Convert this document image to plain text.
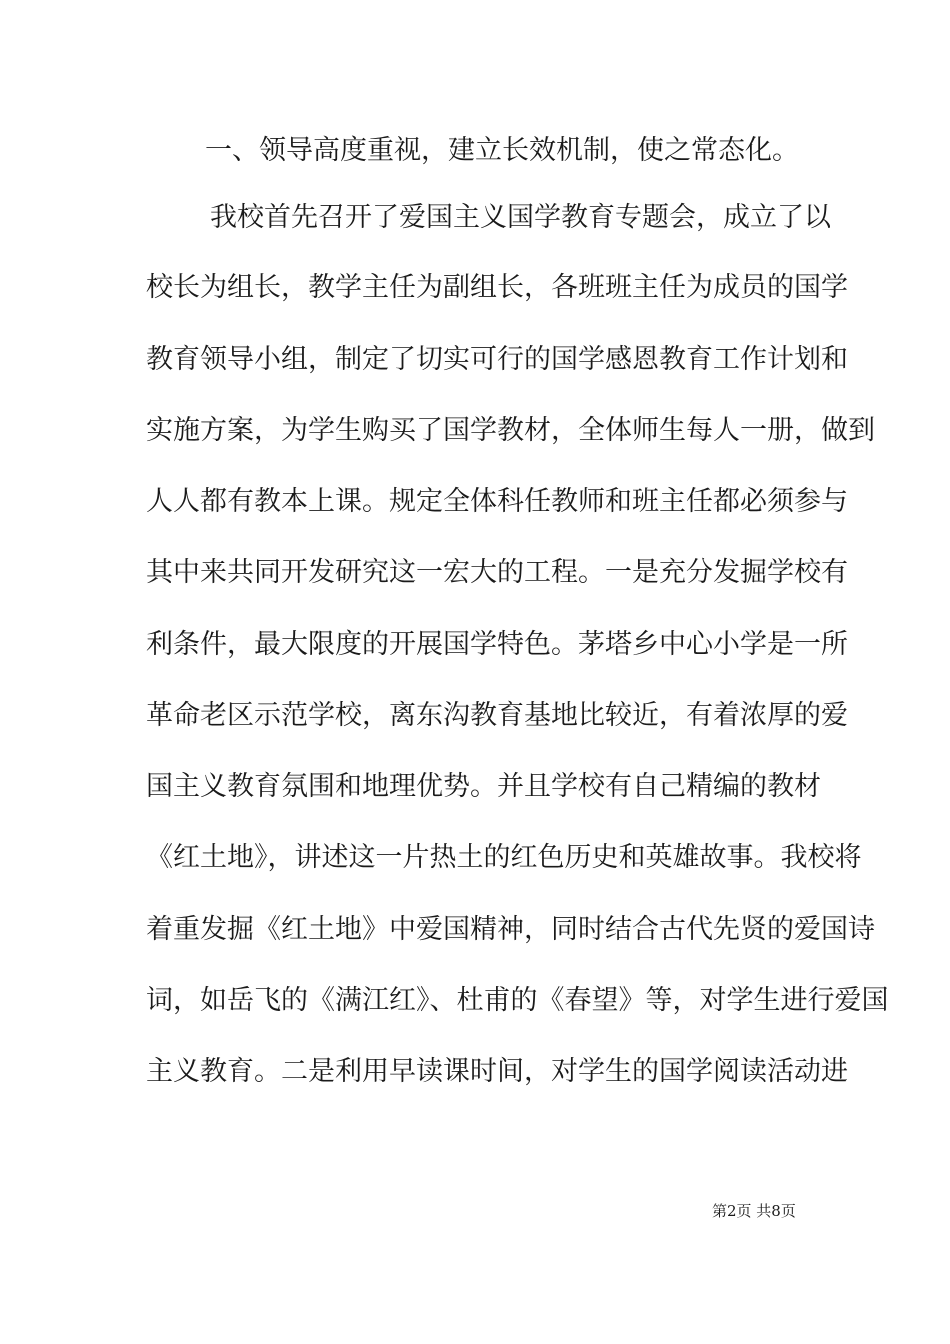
一、领导高度重视，建立长效机制，使之常态化。
我校首先召开了爱国主义国学教育专题会，成立了以
校长为组长，教学主任为副组长，各班班主任为成员的国学
教育领导小组，制定了切实可行的国学感恩教育工作计划和
实施方案，为学生购买了国学教材，全体师生每人一册，做到
人人都有教本上课。规定全体科任教师和班主任都必须参与
其中来共同开发研究这一宏大的工程。一是充分发掘学校有
利条件，最大限度的开展国学特色。茅塔乡中心小学是一所
革命老区示范学校，离东沟教育基地比较近，有着浓厚的爱
国主义教育氛围和地理优势。并且学校有自己精编的教材
《红土地》，讲述这一片热土的红色历史和英雄故事。我校将
着重发掘《红土地》中爱国精神，同时结合古代先贤的爱国诗
词，如岳飞的《满江红》、杜甫的《春望》等，对学生进行爱国
主义教育。二是利用早读课时间，对学生的国学阅读活动进
第2页 共8页
